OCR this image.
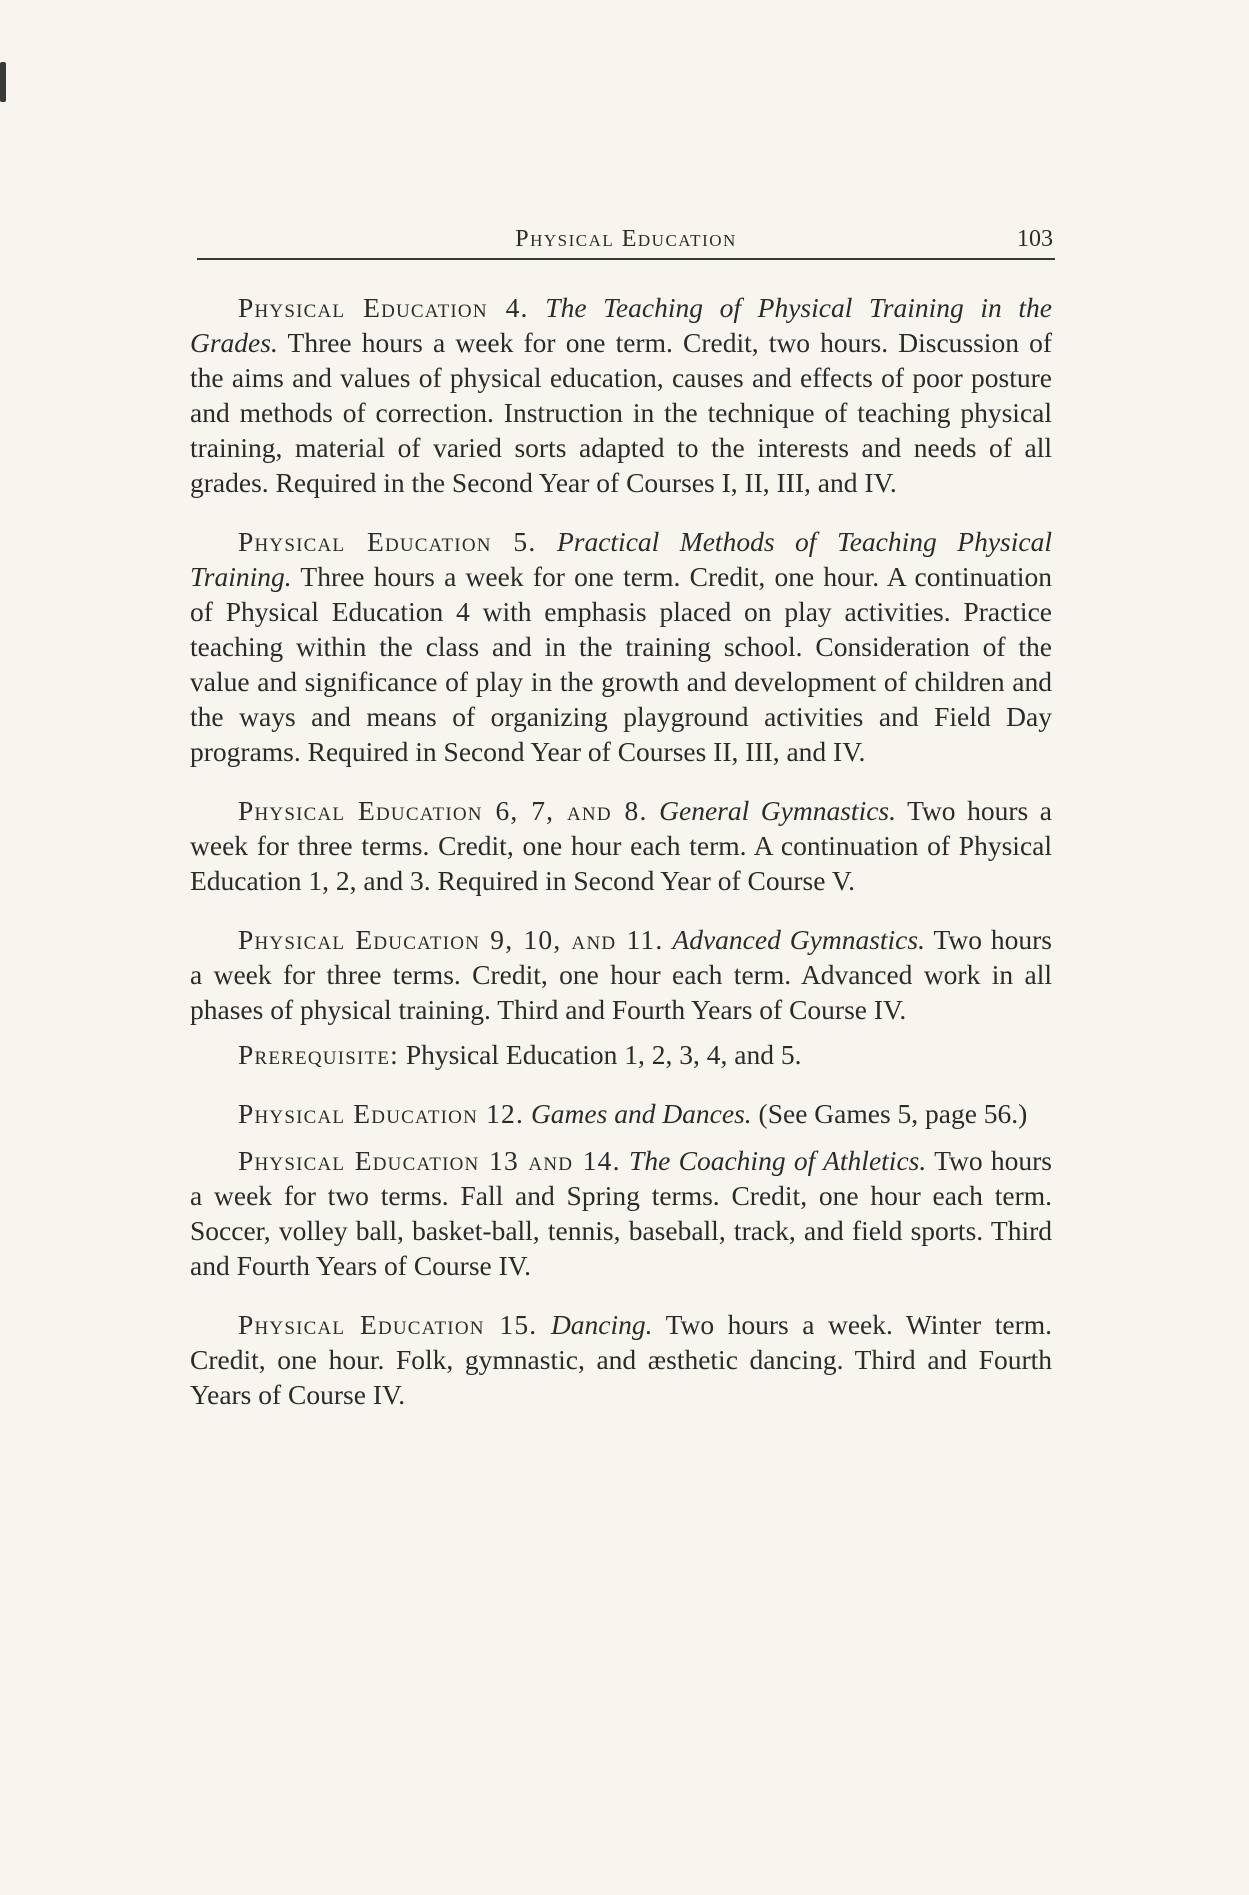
Physical Education	103

Physical Education 4. The Teaching of Physical Training in the Grades. Three hours a week for one term. Credit, two hours. Discussion of the aims and values of physical education, causes and effects of poor posture and methods of correction. Instruction in the technique of teaching physical training, material of varied sorts adapted to the interests and needs of all grades. Required in the Second Year of Courses I, II, III, and IV.

Physical Education 5. Practical Methods of Teaching Physical Training. Three hours a week for one term. Credit, one hour. A continuation of Physical Education 4 with emphasis placed on play activities. Practice teaching within the class and in the training school. Consideration of the value and significance of play in the growth and development of children and the ways and means of organizing playground activities and Field Day programs. Required in Second Year of Courses II, III, and IV.

Physical Education 6, 7, and 8. General Gymnastics. Two hours a week for three terms. Credit, one hour each term. A continuation of Physical Education 1, 2, and 3. Required in Second Year of Course V.

Physical Education 9, 10, and 11. Advanced Gymnastics. Two hours a week for three terms. Credit, one hour each term. Advanced work in all phases of physical training. Third and Fourth Years of Course IV.

Prerequisite: Physical Education 1, 2, 3, 4, and 5.

Physical Education 12. Games and Dances. (See Games 5, page 56.)

Physical Education 13 and 14. The Coaching of Athletics. Two hours a week for two terms. Fall and Spring terms. Credit, one hour each term. Soccer, volley ball, basket-ball, tennis, baseball, track, and field sports. Third and Fourth Years of Course IV.

Physical Education 15. Dancing. Two hours a week. Winter term. Credit, one hour. Folk, gymnastic, and æsthetic dancing. Third and Fourth Years of Course IV.
